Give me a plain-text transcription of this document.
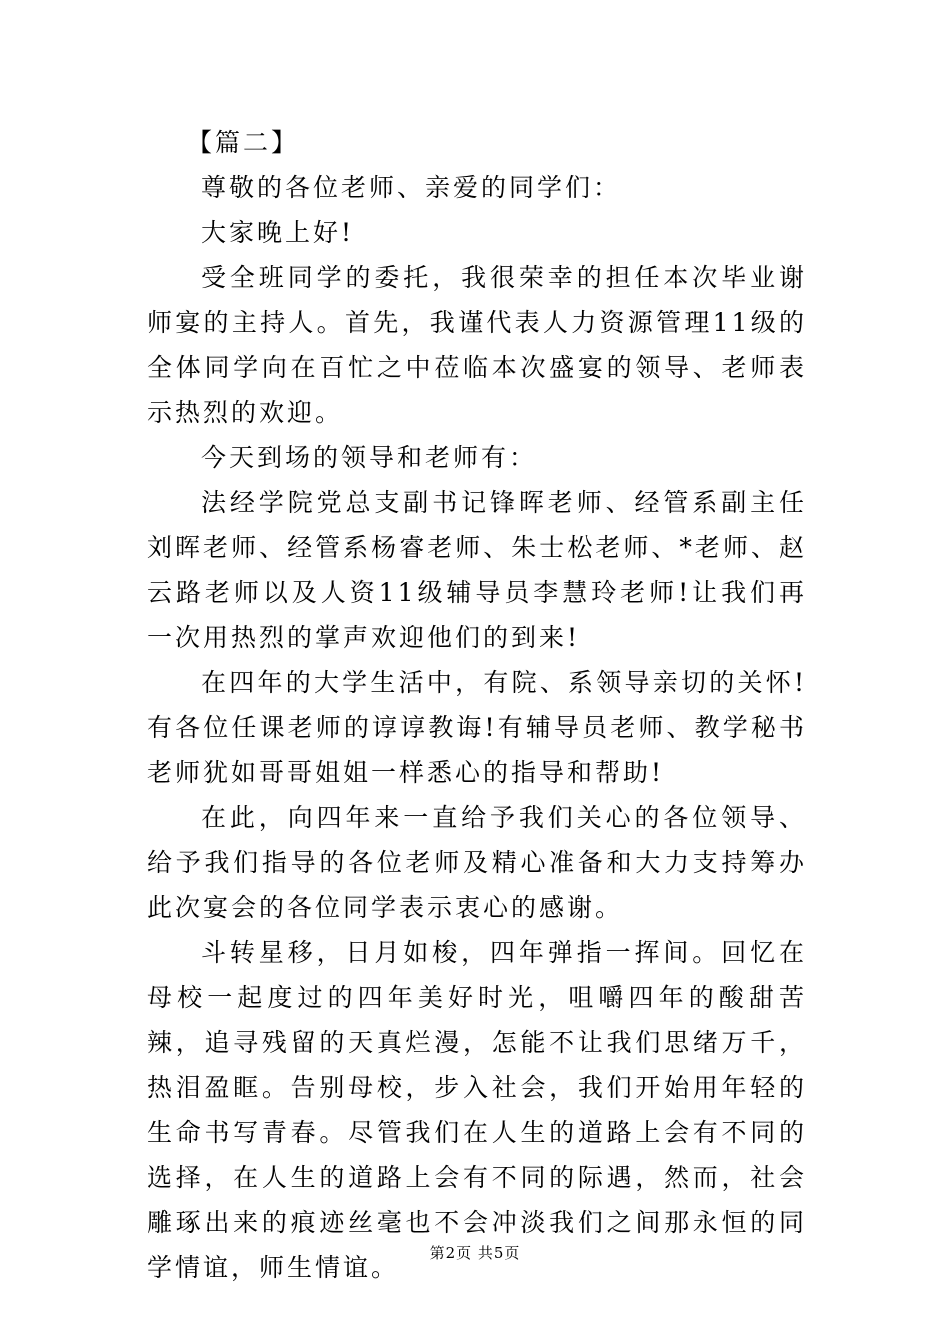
【篇二】

尊敬的各位老师、亲爱的同学们：

大家晚上好!

受全班同学的委托，我很荣幸的担任本次毕业谢师宴的主持人。首先，我谨代表人力资源管理11级的全体同学向在百忙之中莅临本次盛宴的领导、老师表示热烈的欢迎。

今天到场的领导和老师有：

法经学院党总支副书记锋晖老师、经管系副主任刘晖老师、经管系杨睿老师、朱士松老师、*老师、赵云路老师以及人资11级辅导员李慧玲老师!让我们再一次用热烈的掌声欢迎他们的到来!

在四年的大学生活中，有院、系领导亲切的关怀!有各位任课老师的谆谆教诲!有辅导员老师、教学秘书老师犹如哥哥姐姐一样悉心的指导和帮助!

在此，向四年来一直给予我们关心的各位领导、给予我们指导的各位老师及精心准备和大力支持筹办此次宴会的各位同学表示衷心的感谢。

斗转星移，日月如梭，四年弹指一挥间。回忆在母校一起度过的四年美好时光，咀嚼四年的酸甜苦辣，追寻残留的天真烂漫，怎能不让我们思绪万千，热泪盈眶。告别母校，步入社会，我们开始用年轻的生命书写青春。尽管我们在人生的道路上会有不同的选择，在人生的道路上会有不同的际遇，然而，社会雕琢出来的痕迹丝毫也不会冲淡我们之间那永恒的同学情谊，师生情谊。	第2页 共5页
